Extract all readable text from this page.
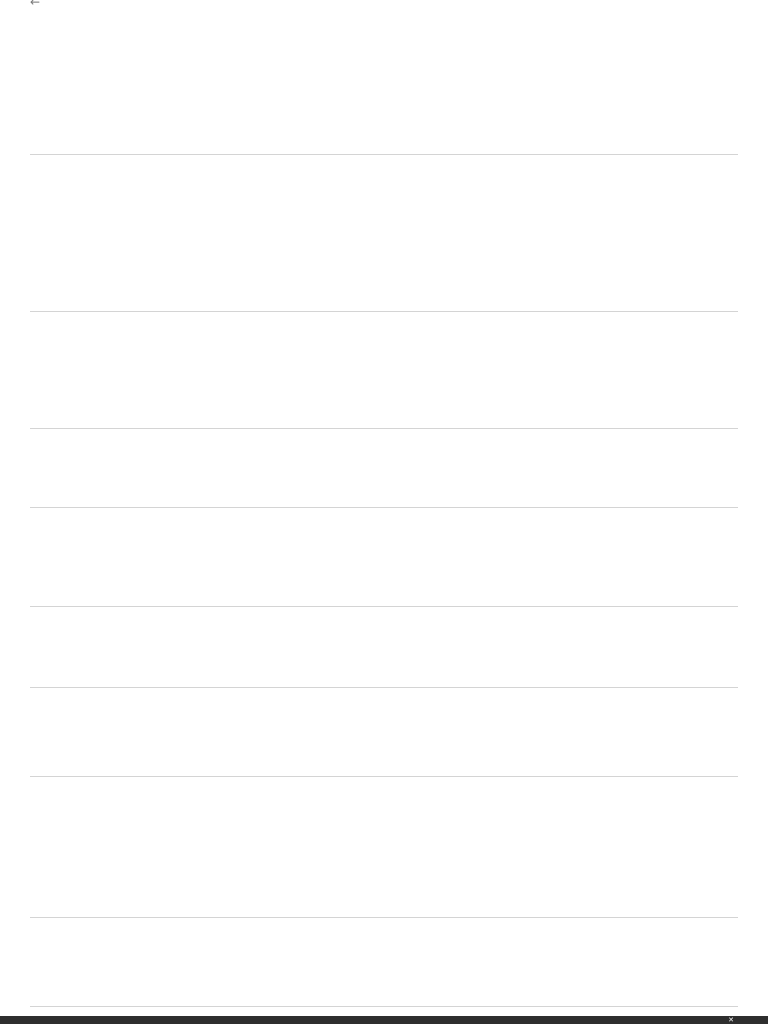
←
✕
